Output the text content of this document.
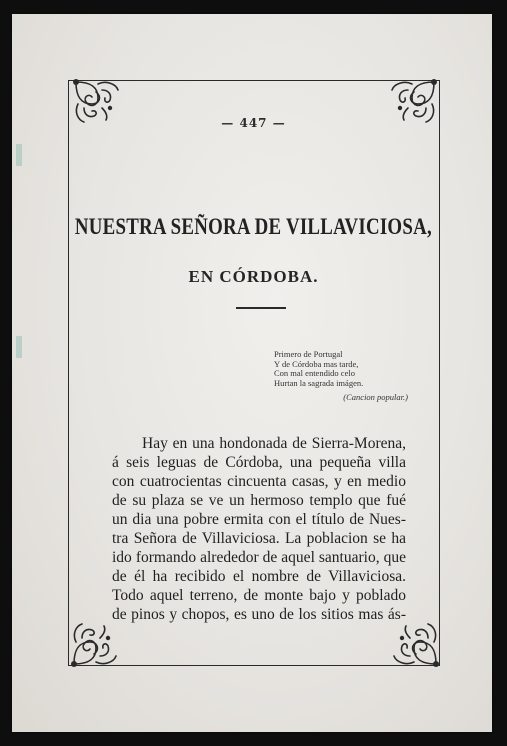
— 447 —
NUESTRA SEÑORA DE VILLAVICIOSA,
EN CÓRDOBA.
Primero de Portugal
Y de Córdoba mas tarde,
Con mal entendido celo
Hurtan la sagrada imágen.
(Cancion popular.)
Hay en una hondonada de Sierra-Morena,
á seis leguas de Córdoba, una pequeña villa
con cuatrocientas cincuenta casas, y en medio
de su plaza se ve un hermoso templo que fué
un dia una pobre ermita con el título de Nues-
tra Señora de Villaviciosa. La poblacion se ha
ido formando alrededor de aquel santuario, que
de él ha recibido el nombre de Villaviciosa.
Todo aquel terreno, de monte bajo y poblado
de pinos y chopos, es uno de los sitios mas ás-
